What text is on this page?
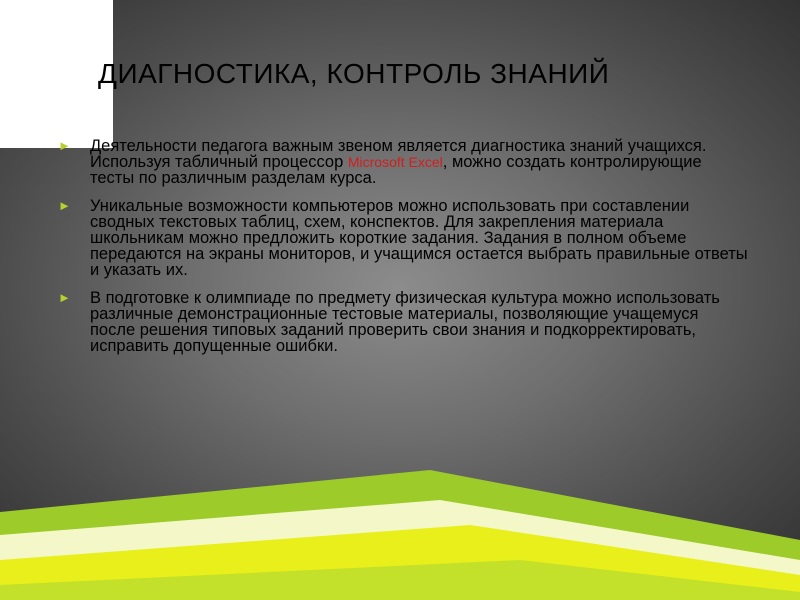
ДИАГНОСТИКА, КОНТРОЛЬ ЗНАНИЙ
► Деятельности педагога важным звеном является диагностика знаний учащихся. Используя табличный процессор Microsoft Excel, можно создать контролирующие тесты по различным разделам курса.
► Уникальные возможности компьютеров можно использовать при составлении сводных текстовых таблиц, схем, конспектов. Для закрепления материала школьникам можно предложить короткие задания. Задания в полном объеме передаются на экраны мониторов, и учащимся остается выбрать правильные ответы и указать их.
► В подготовке к олимпиаде по предмету физическая культура можно использовать различные демонстрационные тестовые материалы, позволяющие учащемуся после решения типовых заданий проверить свои знания и подкорректировать, исправить допущенные ошибки.
